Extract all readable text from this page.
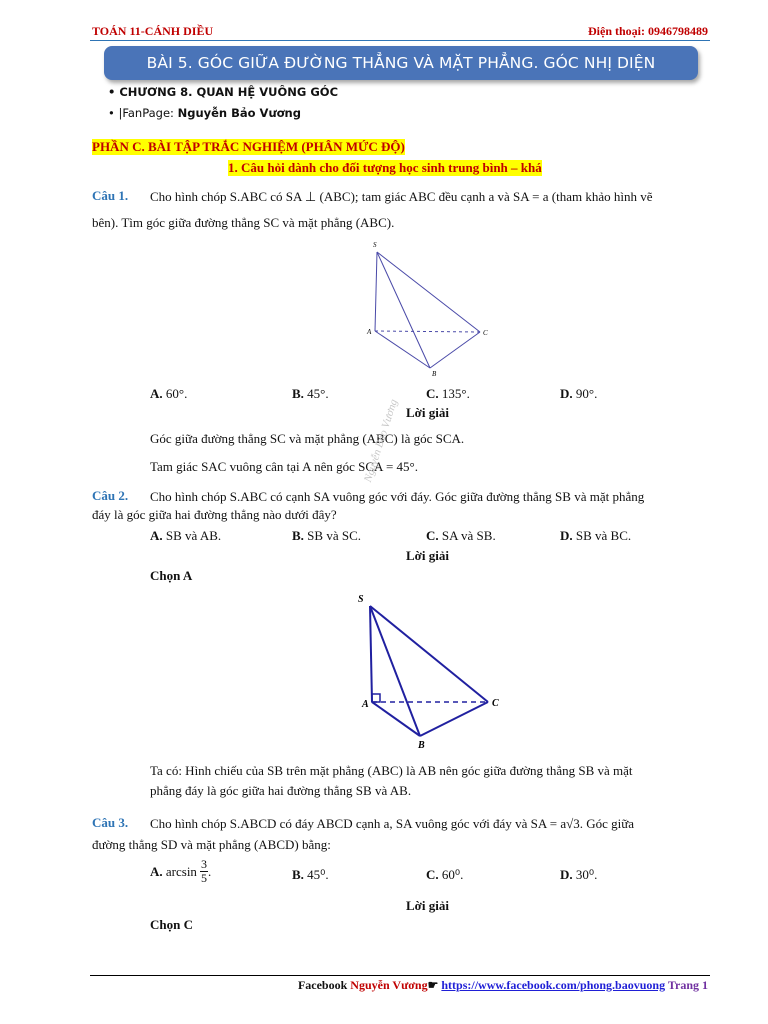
TOÁN 11-CÁNH DIỀU	Điện thoại: 0946798489
BÀI 5. GÓC GIỮA ĐƯỜNG THẲNG VÀ MẶT PHẲNG. GÓC NHỊ DIỆN
• CHƯƠNG 8. QUAN HỆ VUÔNG GÓC
• |FanPage: Nguyễn Bảo Vương
PHẦN C. BÀI TẬP TRẮC NGHIỆM (PHÂN MỨC ĐỘ)
1. Câu hỏi dành cho đối tượng học sinh trung bình – khá
Câu 1. Cho hình chóp S.ABC có SA ⊥ (ABC); tam giác ABC đều cạnh a và SA = a (tham khảo hình vẽ
bên). Tìm góc giữa đường thẳng SC và mặt phẳng (ABC).
S
A	C
B
A. 60°.	B. 45°.	C. 135°.	D. 90°.
Lời giải
Góc giữa đường thẳng SC và mặt phẳng (ABC) là góc SCA.
Tam giác SAC vuông cân tại A nên góc SCA = 45°.
Câu 2. Cho hình chóp S.ABC có cạnh SA vuông góc với đáy. Góc giữa đường thẳng SB và mặt phẳng
đáy là góc giữa hai đường thẳng nào dưới đây?
A. SB và AB.	B. SB và SC.	C. SA và SB.	D. SB và BC.
Nguyễn Bảo Vương
Lời giải
Chọn A
S
A	C
B
Ta có: Hình chiếu của SB trên mặt phẳng (ABC) là AB nên góc giữa đường thẳng SB và mặt
phẳng đáy là góc giữa hai đường thẳng SB và AB.
Câu 3. Cho hình chóp S.ABCD có đáy ABCD cạnh a, SA vuông góc với đáy và SA = a√3. Góc giữa
đường thẳng SD và mặt phẳng (ABCD) bằng:
A.
$\arcsin \frac{3}{5}$ .	B. 45⁰.	C. 60⁰.	D. 30⁰.
Lời giải
Chọn C
Facebook Nguyễn Vương☛ https://www.facebook.com/phong.baovuong Trang 1
